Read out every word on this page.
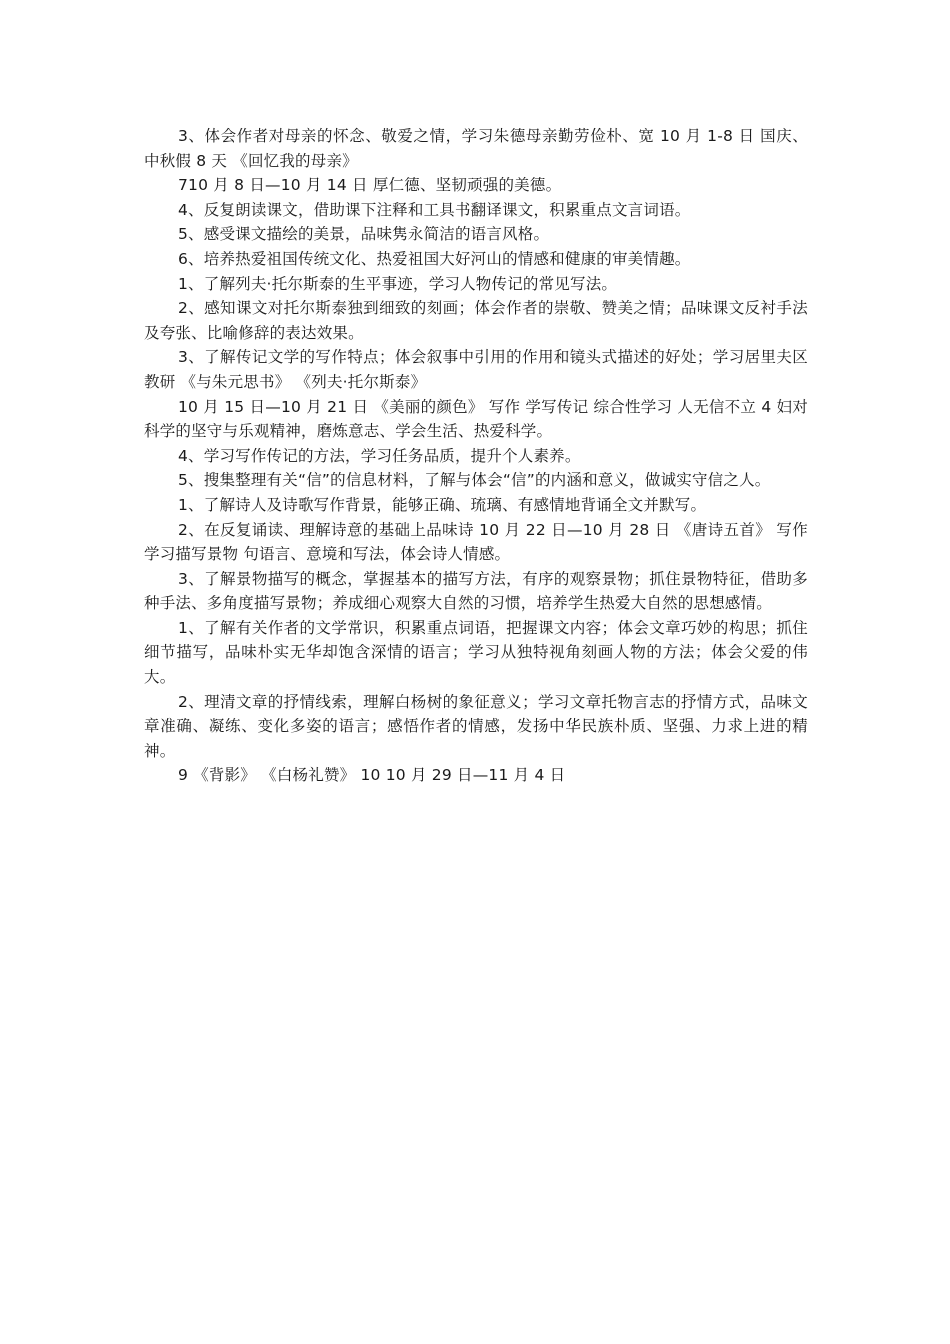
3、体会作者对母亲的怀念、敬爱之情，学习朱德母亲勤劳俭朴、宽 10 月 1-8 日 国庆、中秋假 8 天 《回忆我的母亲》

710 月 8 日—10 月 14 日 厚仁德、坚韧顽强的美德。

4、反复朗读课文，借助课下注释和工具书翻译课文，积累重点文言词语。

5、感受课文描绘的美景，品味隽永简洁的语言风格。

6、培养热爱祖国传统文化、热爱祖国大好河山的情感和健康的审美情趣。

1、了解列夫·托尔斯泰的生平事迹，学习人物传记的常见写法。

2、感知课文对托尔斯泰独到细致的刻画；体会作者的崇敬、赞美之情；品味课文反衬手法及夸张、比喻修辞的表达效果。

3、了解传记文学的写作特点；体会叙事中引用的作用和镜头式描述的好处；学习居里夫区教研 《与朱元思书》 《列夫·托尔斯泰》

10 月 15 日—10 月 21 日 《美丽的颜色》 写作 学写传记 综合性学习 人无信不立 4 妇对科学的坚守与乐观精神，磨炼意志、学会生活、热爱科学。

4、学习写作传记的方法，学习任务品质，提升个人素养。

5、搜集整理有关“信”的信息材料，了解与体会“信”的内涵和意义，做诚实守信之人。

1、了解诗人及诗歌写作背景，能够正确、琉璃、有感情地背诵全文并默写。

2、在反复诵读、理解诗意的基础上品味诗 10 月 22 日—10 月 28 日 《唐诗五首》 写作 学习描写景物 句语言、意境和写法，体会诗人情感。

3、了解景物描写的概念，掌握基本的描写方法，有序的观察景物；抓住景物特征，借助多种手法、多角度描写景物；养成细心观察大自然的习惯，培养学生热爱大自然的思想感情。

1、了解有关作者的文学常识，积累重点词语，把握课文内容；体会文章巧妙的构思；抓住细节描写，品味朴实无华却饱含深情的语言；学习从独特视角刻画人物的方法；体会父爱的伟大。

2、理清文章的抒情线索，理解白杨树的象征意义；学习文章托物言志的抒情方式，品味文章准确、凝练、变化多姿的语言；感悟作者的情感，发扬中华民族朴质、坚强、力求上进的精神。

9 《背影》 《白杨礼赞》 10 10 月 29 日—11 月 4 日
